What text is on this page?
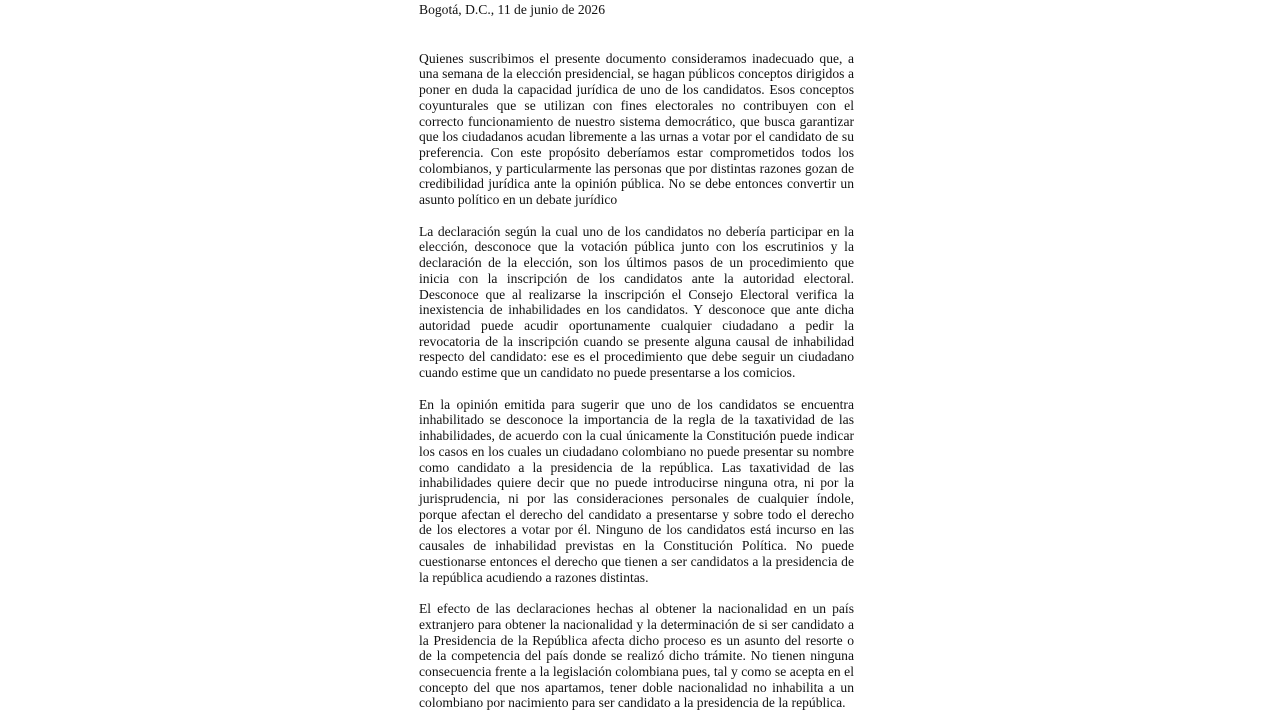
Bogotá, D.C., 11 de junio de 2026

Quienes suscribimos el presente documento consideramos inadecuado que, a una semana de la elección presidencial, se hagan públicos conceptos dirigidos a poner en duda la capacidad jurídica de uno de los candidatos. Esos conceptos coyunturales que se utilizan con fines electorales no contribuyen con el correcto funcionamiento de nuestro sistema democrático, que busca garantizar que los ciudadanos acudan libremente a las urnas a votar por el candidato de su preferencia. Con este propósito deberíamos estar comprometidos todos los colombianos, y particularmente las personas que por distintas razones gozan de credibilidad jurídica ante la opinión pública. No se debe entonces convertir un asunto político en un debate jurídico

La declaración según la cual uno de los candidatos no debería participar en la elección, desconoce que la votación pública junto con los escrutinios y la declaración de la elección, son los últimos pasos de un procedimiento que inicia con la inscripción de los candidatos ante la autoridad electoral. Desconoce que al realizarse la inscripción el Consejo Electoral verifica la inexistencia de inhabilidades en los candidatos. Y desconoce que ante dicha autoridad puede acudir oportunamente cualquier ciudadano a pedir la revocatoria de la inscripción cuando se presente alguna causal de inhabilidad respecto del candidato: ese es el procedimiento que debe seguir un ciudadano cuando estime que un candidato no puede presentarse a los comicios.

En la opinión emitida para sugerir que uno de los candidatos se encuentra inhabilitado se desconoce la importancia de la regla de la taxatividad de las inhabilidades, de acuerdo con la cual únicamente la Constitución puede indicar los casos en los cuales un ciudadano colombiano no puede presentar su nombre como candidato a la presidencia de la república. Las taxatividad de las inhabilidades quiere decir que no puede introducirse ninguna otra, ni por la jurisprudencia, ni por las consideraciones personales de cualquier índole, porque afectan el derecho del candidato a presentarse y sobre todo el derecho de los electores a votar por él. Ninguno de los candidatos está incurso en las causales de inhabilidad previstas en la Constitución Política. No puede cuestionarse entonces el derecho que tienen a ser candidatos a la presidencia de la república acudiendo a razones distintas.

El efecto de las declaraciones hechas al obtener la nacionalidad en un país extranjero para obtener la nacionalidad y la determinación de si ser candidato a la Presidencia de la República afecta dicho proceso es un asunto del resorte o de la competencia del país donde se realizó dicho trámite. No tienen ninguna consecuencia frente a la legislación colombiana pues, tal y como se acepta en el concepto del que nos apartamos, tener doble nacionalidad no inhabilita a un colombiano por nacimiento para ser candidato a la presidencia de la república.
